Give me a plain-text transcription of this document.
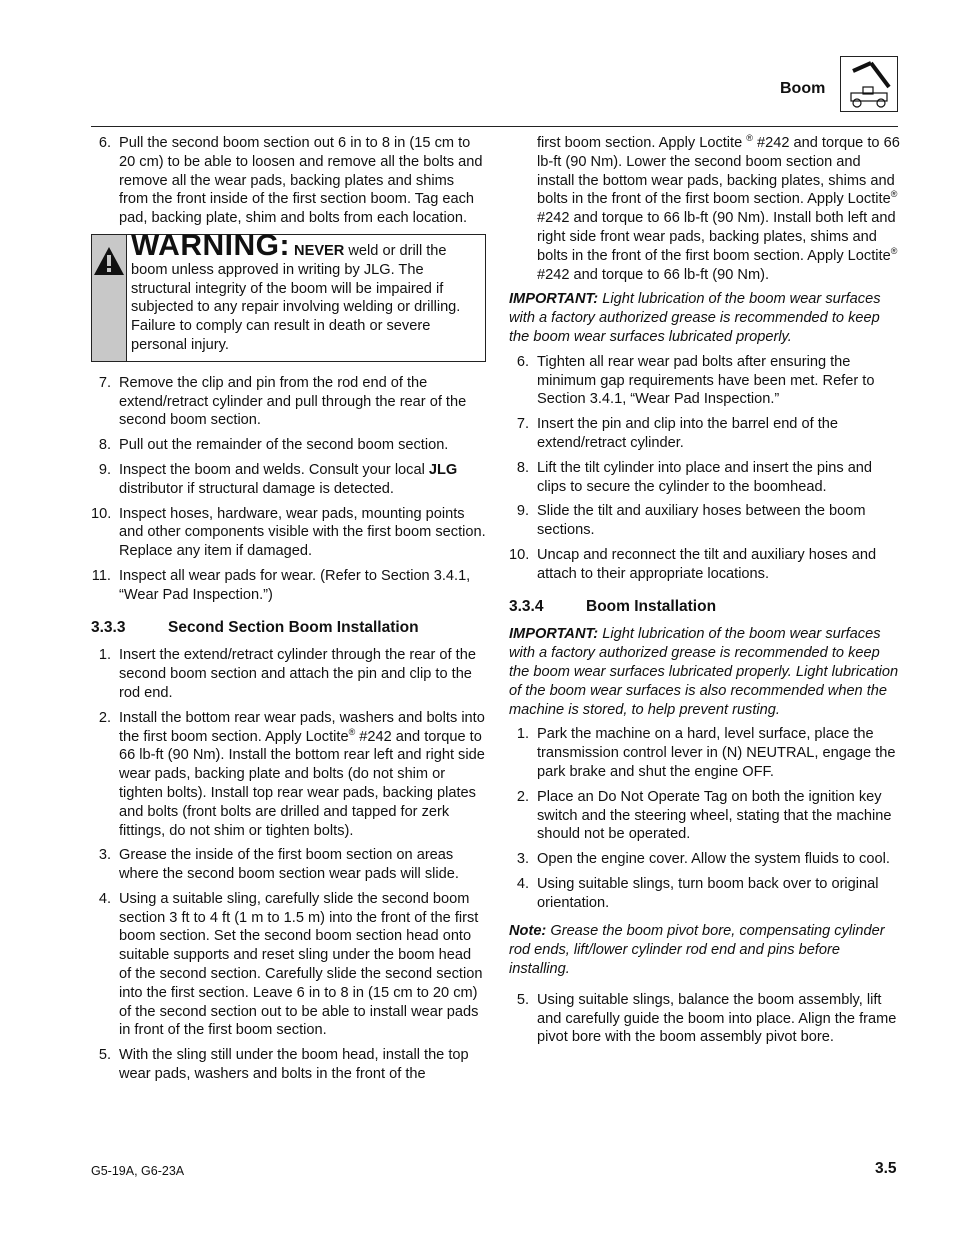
Boom
6. Pull the second boom section out 6 in to 8 in (15 cm to 20 cm) to be able to loosen and remove all the bolts and remove all the wear pads, backing plates and shims from the front inside of the first section boom. Tag each pad, backing plate, shim and bolts from each location.
WARNING: NEVER weld or drill the boom unless approved in writing by JLG. The structural integrity of the boom will be impaired if subjected to any repair involving welding or drilling. Failure to comply can result in death or severe personal injury.
7. Remove the clip and pin from the rod end of the extend/retract cylinder and pull through the rear of the second boom section.
8. Pull out the remainder of the second boom section.
9. Inspect the boom and welds. Consult your local JLG distributor if structural damage is detected.
10. Inspect hoses, hardware, wear pads, mounting points and other components visible with the first boom section. Replace any item if damaged.
11. Inspect all wear pads for wear. (Refer to Section 3.4.1, “Wear Pad Inspection.”)
3.3.3	Second Section Boom Installation
1. Insert the extend/retract cylinder through the rear of the second boom section and attach the pin and clip to the rod end.
2. Install the bottom rear wear pads, washers and bolts into the first boom section. Apply Loctite® #242 and torque to 66 lb-ft (90 Nm). Install the bottom rear left and right side wear pads, backing plate and bolts (do not shim or tighten bolts). Install top rear wear pads, backing plates and bolts (front bolts are drilled and tapped for zerk fittings, do not shim or tighten bolts).
3. Grease the inside of the first boom section on areas where the second boom section wear pads will slide.
4. Using a suitable sling, carefully slide the second boom section 3 ft to 4 ft (1 m to 1.5 m) into the front of the first boom section. Set the second boom section head onto suitable supports and reset sling under the boom head of the second section. Carefully slide the second section into the first section. Leave 6 in to 8 in (15 cm to 20 cm) of the second section out to be able to install wear pads in front of the first boom section.
5. With the sling still under the boom head, install the top wear pads, washers and bolts in the front of the
first boom section. Apply Loctite ® #242 and torque to 66 lb-ft (90 Nm). Lower the second boom section and install the bottom wear pads, backing plates, shims and bolts in the front of the first boom section. Apply Loctite® #242 and torque to 66 lb-ft (90 Nm). Install both left and right side front wear pads, backing plates, shims and bolts in the front of the first boom section. Apply Loctite® #242 and torque to 66 lb-ft (90 Nm).
IMPORTANT: Light lubrication of the boom wear surfaces with a factory authorized grease is recommended to keep the boom wear surfaces lubricated properly.
6. Tighten all rear wear pad bolts after ensuring the minimum gap requirements have been met. Refer to Section 3.4.1, “Wear Pad Inspection.”
7. Insert the pin and clip into the barrel end of the extend/retract cylinder.
8. Lift the tilt cylinder into place and insert the pins and clips to secure the cylinder to the boomhead.
9. Slide the tilt and auxiliary hoses between the boom sections.
10. Uncap and reconnect the tilt and auxiliary hoses and attach to their appropriate locations.
3.3.4	Boom Installation
IMPORTANT: Light lubrication of the boom wear surfaces with a factory authorized grease is recommended to keep the boom wear surfaces lubricated properly. Light lubrication of the boom wear surfaces is also recommended when the machine is stored, to help prevent rusting.
1. Park the machine on a hard, level surface, place the transmission control lever in (N) NEUTRAL, engage the park brake and shut the engine OFF.
2. Place an Do Not Operate Tag on both the ignition key switch and the steering wheel, stating that the machine should not be operated.
3. Open the engine cover. Allow the system fluids to cool.
4. Using suitable slings, turn boom back over to original orientation.
Note: Grease the boom pivot bore, compensating cylinder rod ends, lift/lower cylinder rod end and pins before installing.
5. Using suitable slings, balance the boom assembly, lift and carefully guide the boom into place. Align the frame pivot bore with the boom assembly pivot bore.
G5-19A, G6-23A	3.5
